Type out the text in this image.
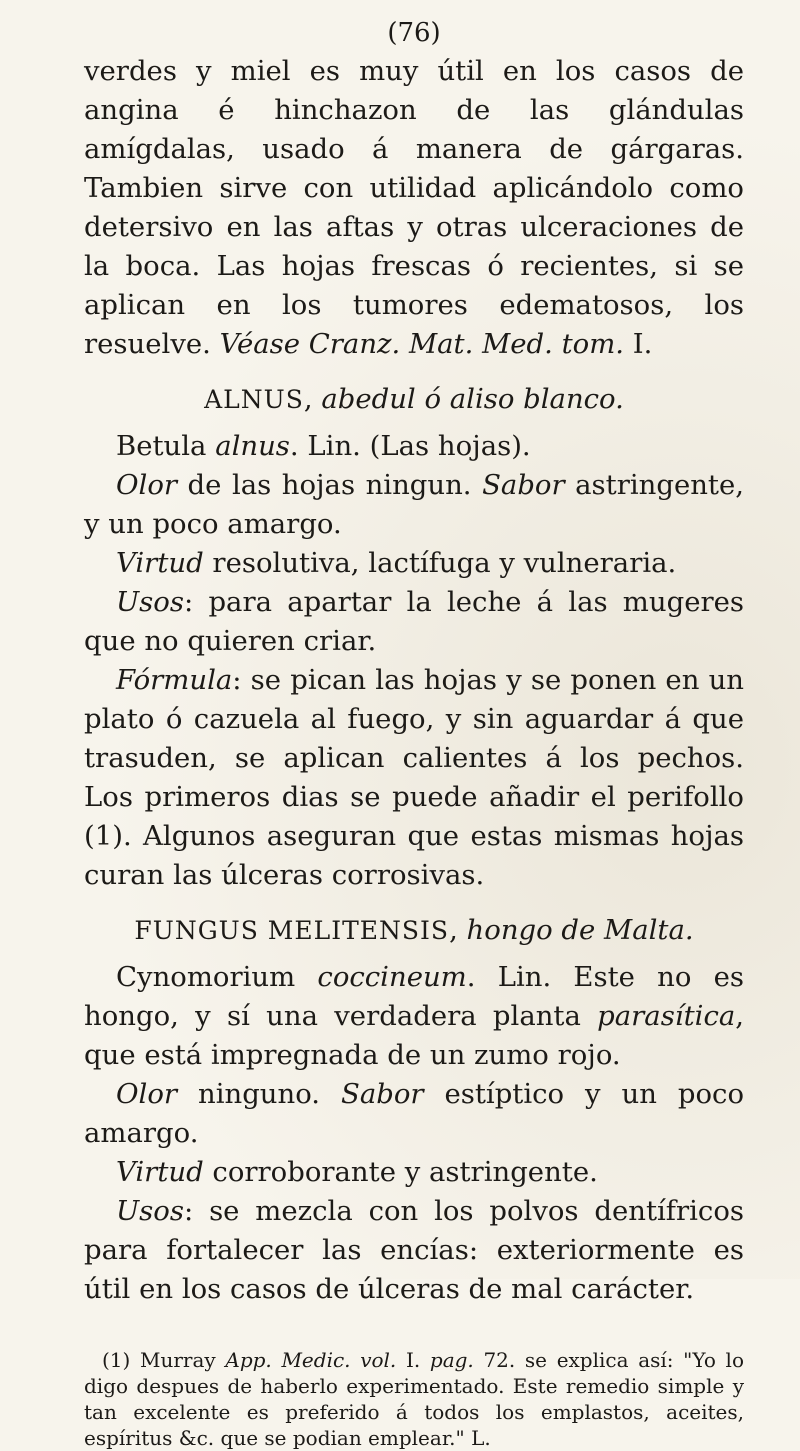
(76)

verdes y miel es muy útil en los casos de angina é hinchazon de las glándulas amígdalas, usado á manera de gárgaras. Tambien sirve con utilidad aplicándolo como detersivo en las aftas y otras ulceraciones de la boca. Las hojas frescas ó recientes, si se aplican en los tumores edematosos, los resuelve. Véase Cranz. Mat. Med. tom. I.

ALNUS, abedul ó aliso blanco.

Betula alnus. Lin. (Las hojas).

Olor de las hojas ningun. Sabor astringente, y un poco amargo.

Virtud resolutiva, lactífuga y vulneraria.

Usos: para apartar la leche á las mugeres que no quieren criar.

Fórmula: se pican las hojas y se ponen en un plato ó cazuela al fuego, y sin aguardar á que trasuden, se aplican calientes á los pechos. Los primeros dias se puede añadir el perifollo (1). Algunos aseguran que estas mismas hojas curan las úlceras corrosivas.

FUNGUS MELITENSIS, hongo de Malta.

Cynomorium coccineum. Lin. Este no es hongo, y sí una verdadera planta parasítica, que está impregnada de un zumo rojo.

Olor ninguno. Sabor estíptico y un poco amargo.

Virtud corroborante y astringente.

Usos: se mezcla con los polvos dentífricos para fortalecer las encías: exteriormente es útil en los casos de úlceras de mal carácter.

(1) Murray App. Medic. vol. I. pag. 72. se explica así: "Yo lo digo despues de haberlo experimentado. Este remedio simple y tan excelente es preferido á todos los emplastos, aceites, espíritus &c. que se podian emplear." L.
